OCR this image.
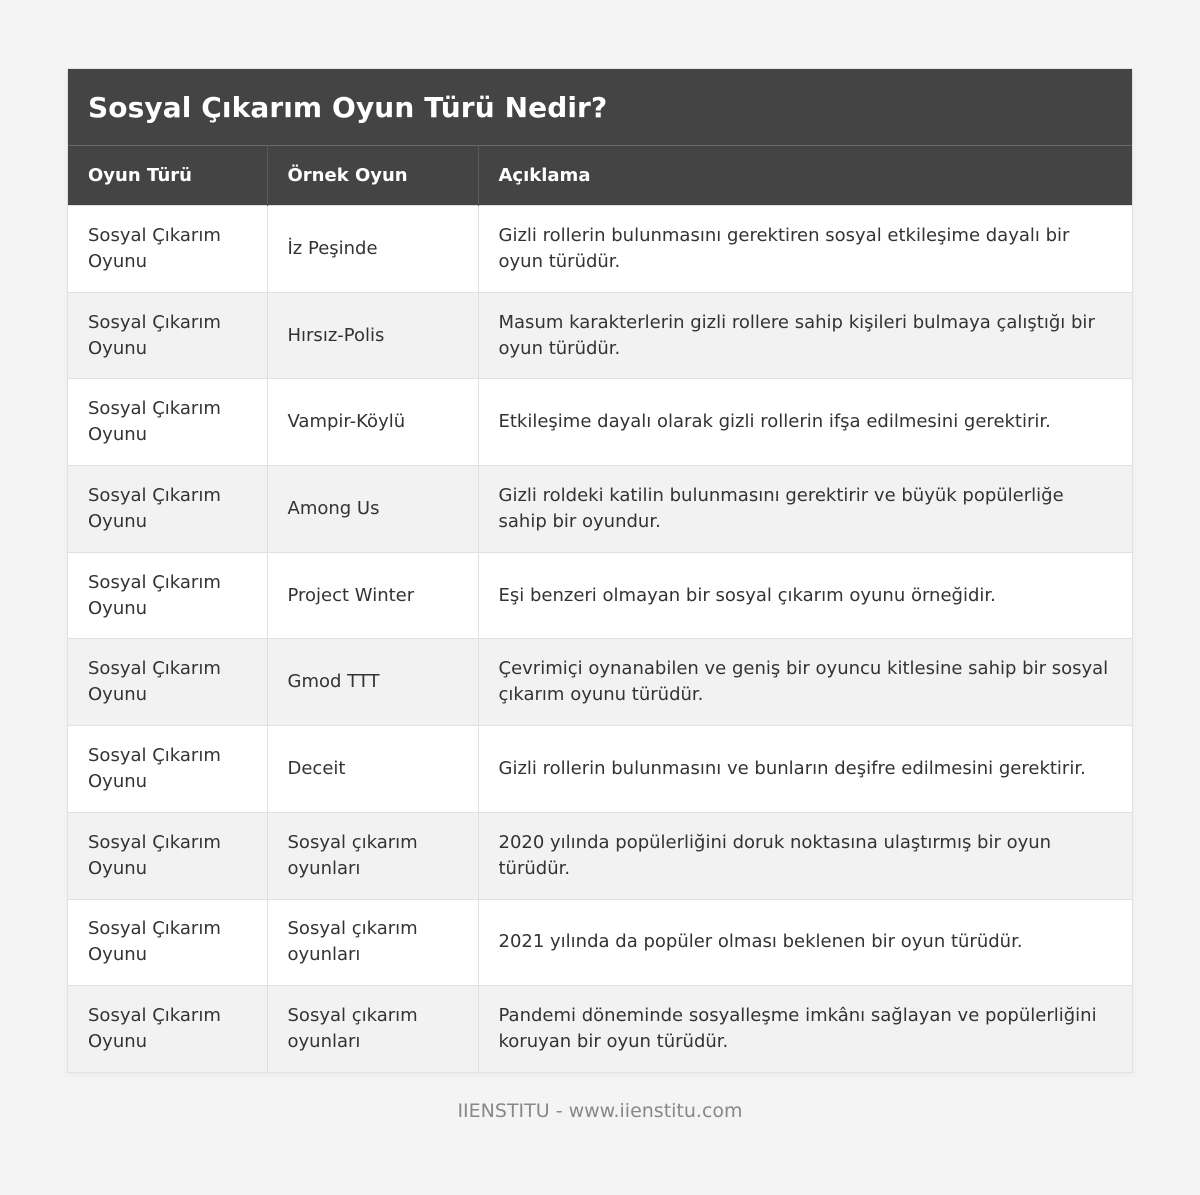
Sosyal Çıkarım Oyun Türü Nedir?
Oyun Türü	Örnek Oyun	Açıklama
Sosyal Çıkarım Oyunu	İz Peşinde	Gizli rollerin bulunmasını gerektiren sosyal etkileşime dayalı bir oyun türüdür.
Sosyal Çıkarım Oyunu	Hırsız-Polis	Masum karakterlerin gizli rollere sahip kişileri bulmaya çalıştığı bir oyun türüdür.
Sosyal Çıkarım Oyunu	Vampir-Köylü	Etkileşime dayalı olarak gizli rollerin ifşa edilmesini gerektirir.
Sosyal Çıkarım Oyunu	Among Us	Gizli roldeki katilin bulunmasını gerektirir ve büyük popülerliğe sahip bir oyundur.
Sosyal Çıkarım Oyunu	Project Winter	Eşi benzeri olmayan bir sosyal çıkarım oyunu örneğidir.
Sosyal Çıkarım Oyunu	Gmod TTT	Çevrimiçi oynanabilen ve geniş bir oyuncu kitlesine sahip bir sosyal çıkarım oyunu türüdür.
Sosyal Çıkarım Oyunu	Deceit	Gizli rollerin bulunmasını ve bunların deşifre edilmesini gerektirir.
Sosyal Çıkarım Oyunu	Sosyal çıkarım oyunları	2020 yılında popülerliğini doruk noktasına ulaştırmış bir oyun türüdür.
Sosyal Çıkarım Oyunu	Sosyal çıkarım oyunları	2021 yılında da popüler olması beklenen bir oyun türüdür.
Sosyal Çıkarım Oyunu	Sosyal çıkarım oyunları	Pandemi döneminde sosyalleşme imkânı sağlayan ve popülerliğini koruyan bir oyun türüdür.
IIENSTITU - www.iienstitu.com
